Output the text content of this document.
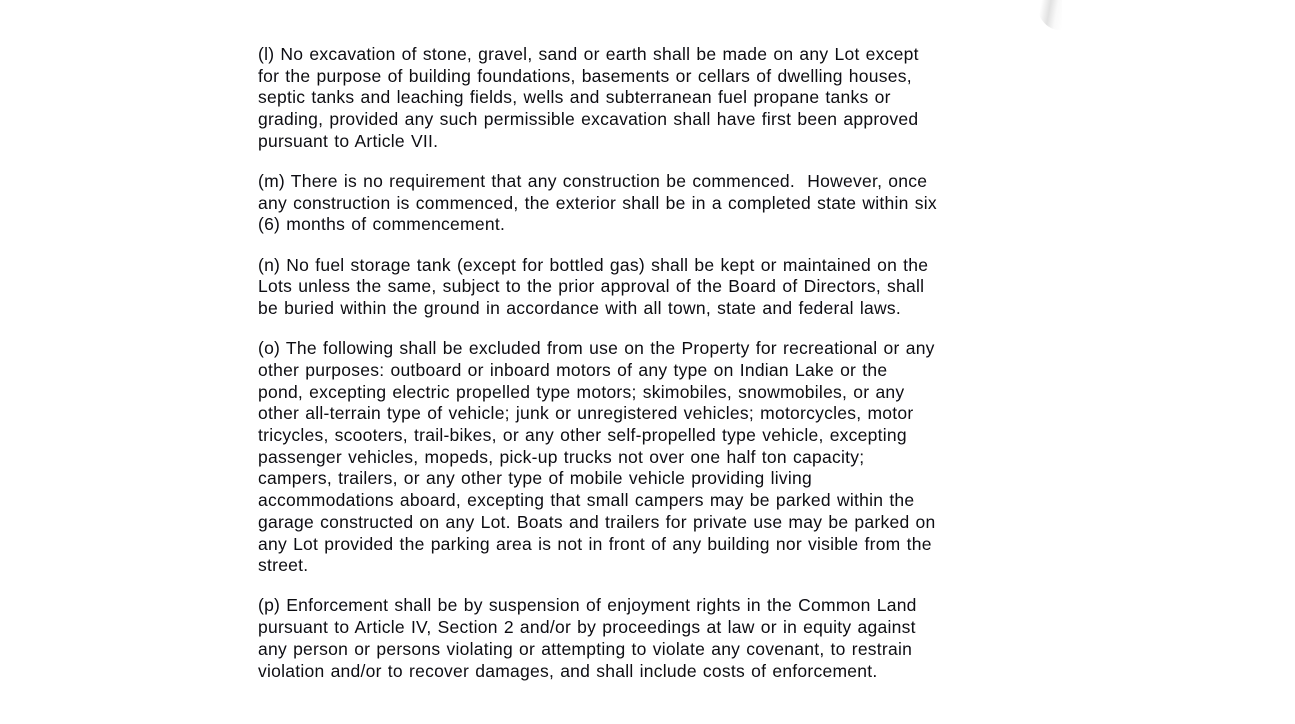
(l) No excavation of stone, gravel, sand or earth shall be made on any Lot except
for the purpose of building foundations, basements or cellars of dwelling houses,
septic tanks and leaching fields, wells and subterranean fuel propane tanks or
grading, provided any such permissible excavation shall have first been approved
pursuant to Article VII.
(m) There is no requirement that any construction be commenced.  However, once
any construction is commenced, the exterior shall be in a completed state within six
(6) months of commencement.
(n) No fuel storage tank (except for bottled gas) shall be kept or maintained on the
Lots unless the same, subject to the prior approval of the Board of Directors, shall
be buried within the ground in accordance with all town, state and federal laws.
(o) The following shall be excluded from use on the Property for recreational or any
other purposes: outboard or inboard motors of any type on Indian Lake or the
pond, excepting electric propelled type motors; skimobiles, snowmobiles, or any
other all-terrain type of vehicle; junk or unregistered vehicles; motorcycles, motor
tricycles, scooters, trail-bikes, or any other self-propelled type vehicle, excepting
passenger vehicles, mopeds, pick-up trucks not over one half ton capacity;
campers, trailers, or any other type of mobile vehicle providing living
accommodations aboard, excepting that small campers may be parked within the
garage constructed on any Lot. Boats and trailers for private use may be parked on
any Lot provided the parking area is not in front of any building nor visible from the
street.
(p) Enforcement shall be by suspension of enjoyment rights in the Common Land
pursuant to Article IV, Section 2 and/or by proceedings at law or in equity against
any person or persons violating or attempting to violate any covenant, to restrain
violation and/or to recover damages, and shall include costs of enforcement.
